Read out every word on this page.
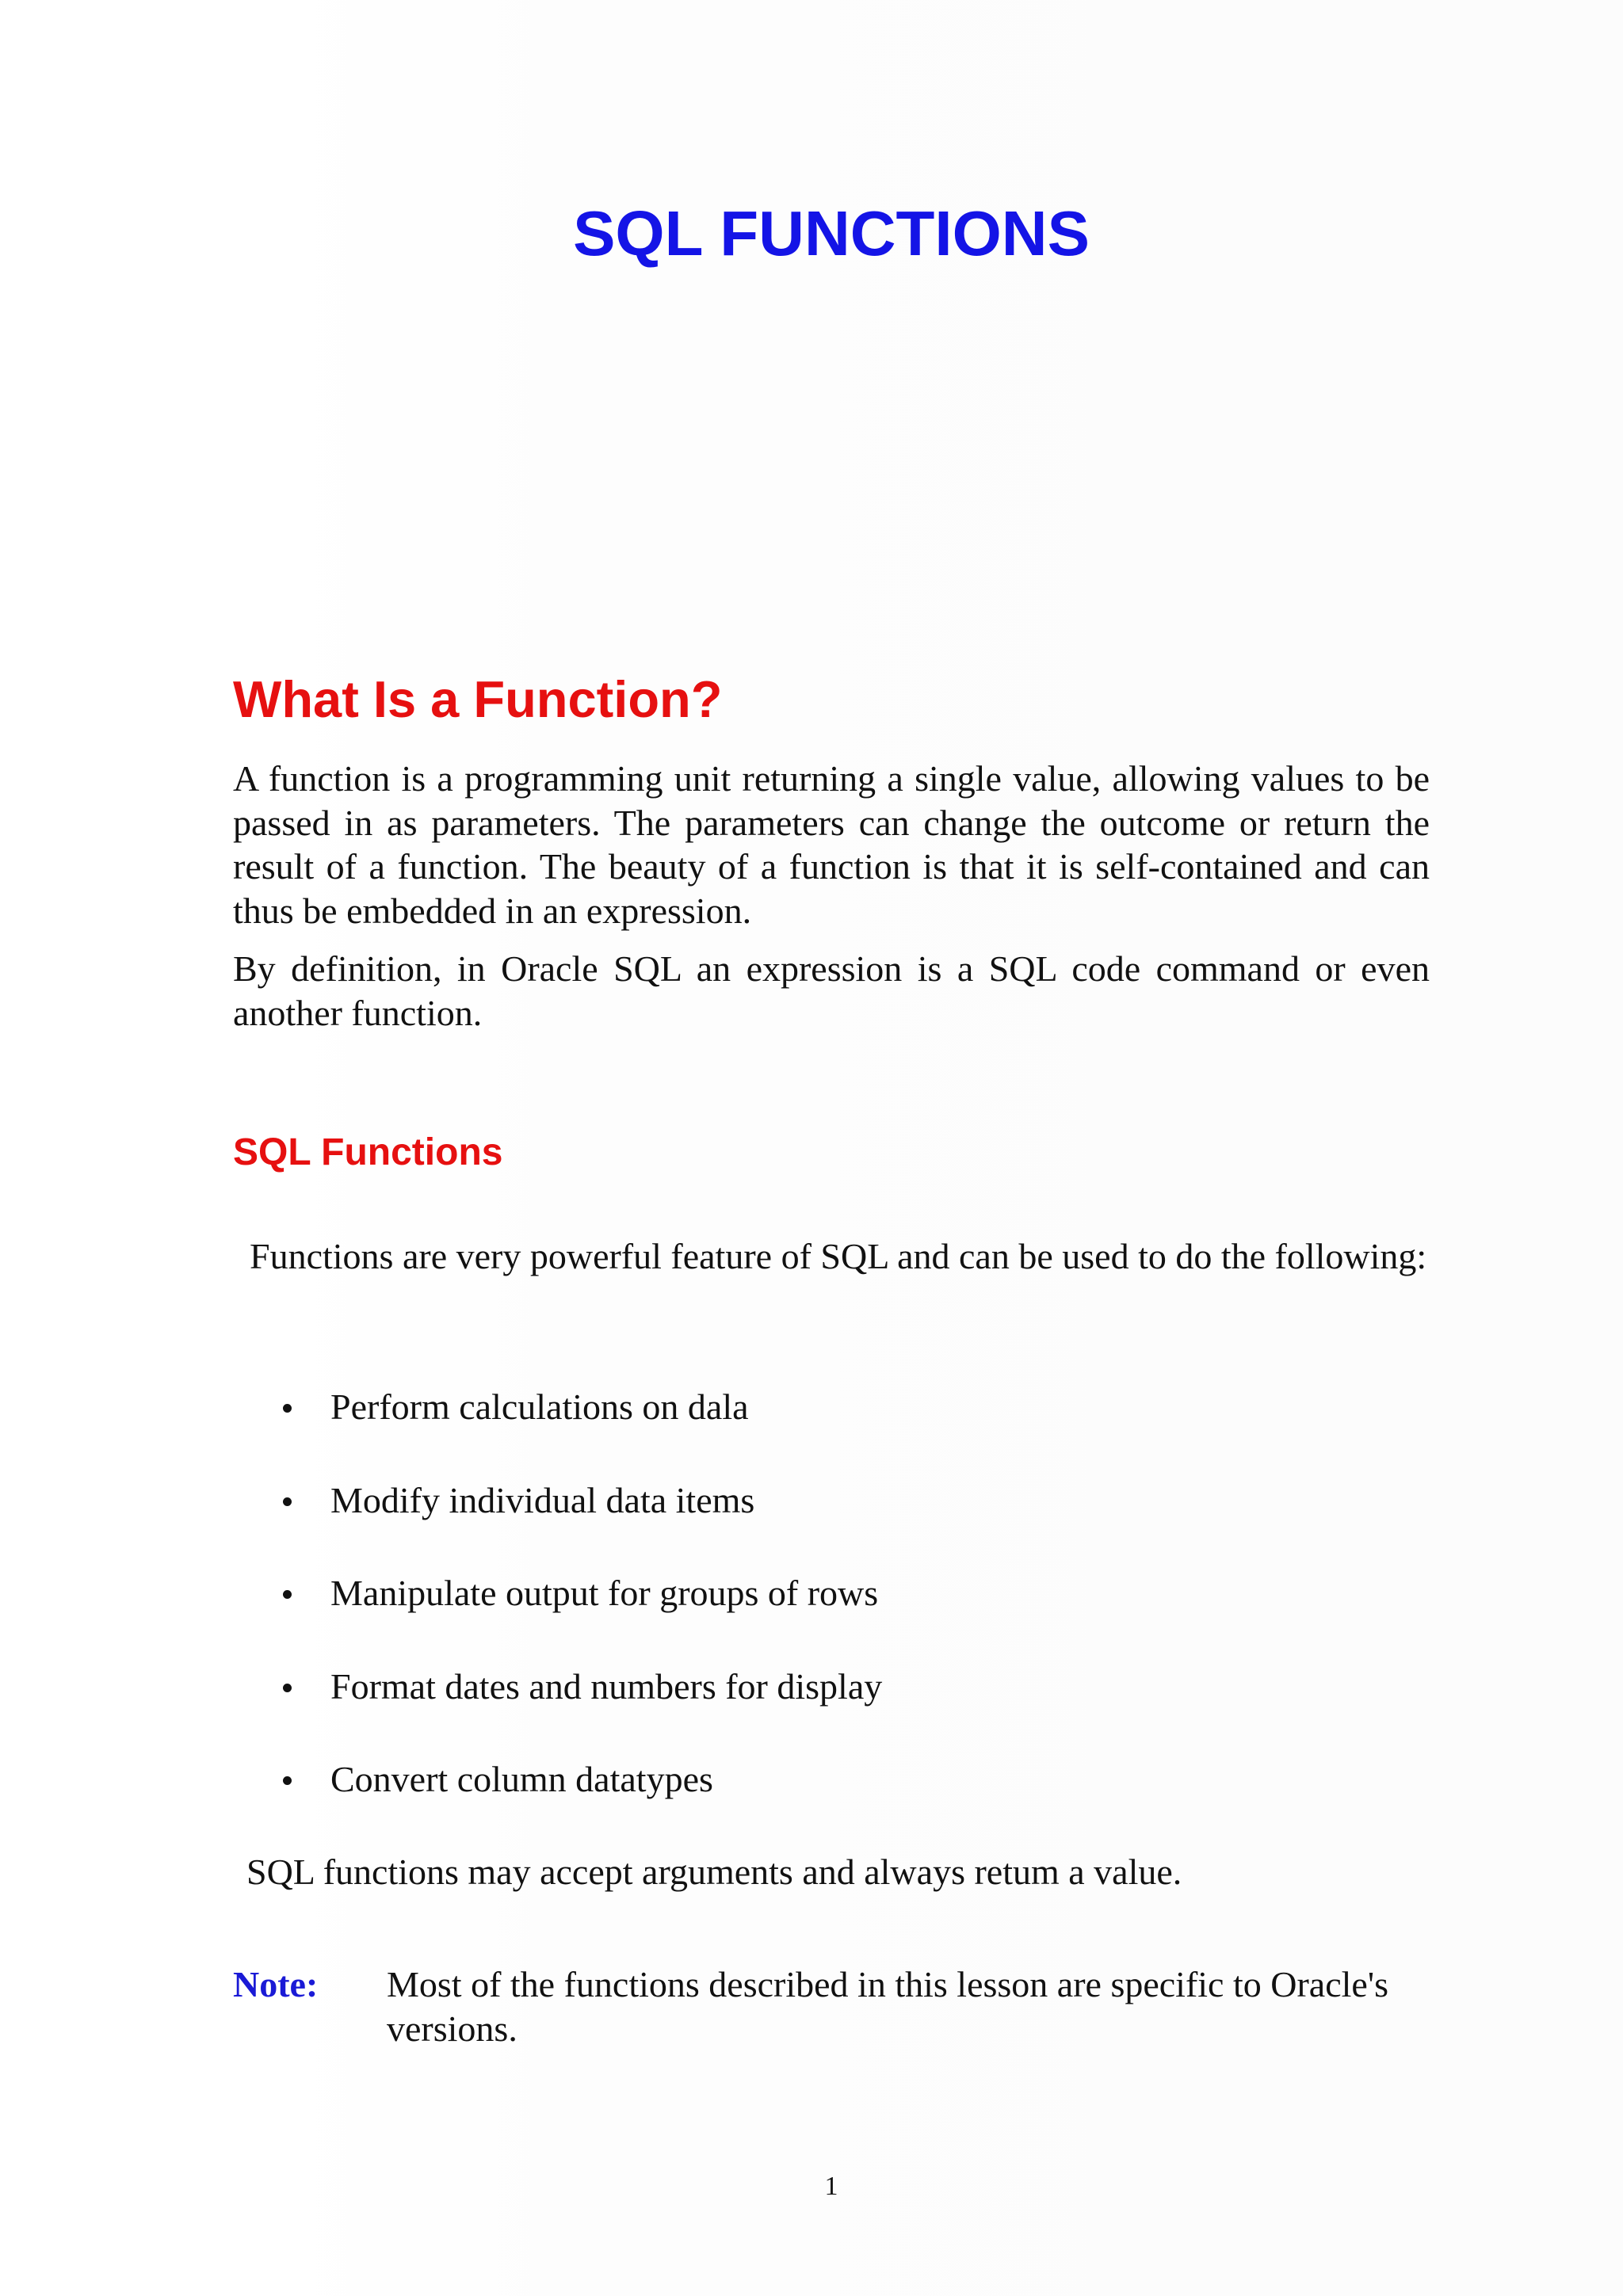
SQL FUNCTIONS
What Is a Function?

A function is a programming unit returning a single value, allowing values to be passed in as parameters. The parameters can change the outcome or return the result of a function. The beauty of a function is that it is self-contained and can thus be embedded in an expression.

By definition, in Oracle SQL an expression is a SQL code command or even another function.

SQL Functions

Functions are very powerful feature of SQL and can be used to do the following:

Perform calculations on dala
Modify individual data items
Manipulate output for groups of rows
Format dates and numbers for display
Convert column datatypes

SQL functions may accept arguments and always retum a value.

Note: Most of the functions described in this lesson are specific to Oracle's versions.

1
